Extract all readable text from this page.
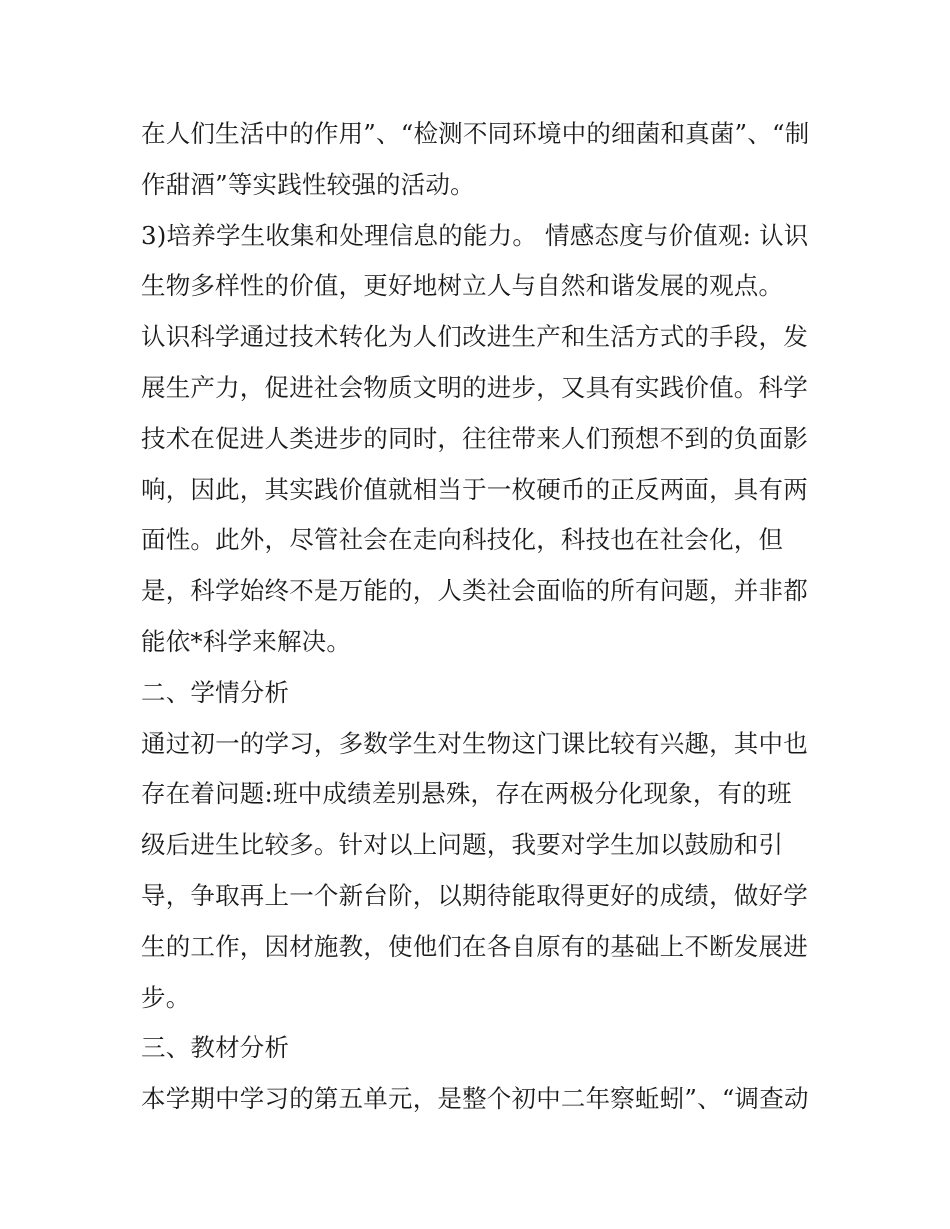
在人们生活中的作用”、“检测不同环境中的细菌和真菌”、“制
作甜酒”等实践性较强的活动。
3)培养学生收集和处理信息的能力。 情感态度与价值观: 认识
生物多样性的价值，更好地树立人与自然和谐发展的观点。
认识科学通过技术转化为人们改进生产和生活方式的手段，发
展生产力，促进社会物质文明的进步，又具有实践价值。科学
技术在促进人类进步的同时，往往带来人们预想不到的负面影
响，因此，其实践价值就相当于一枚硬币的正反两面，具有两
面性。此外，尽管社会在走向科技化，科技也在社会化，但
是，科学始终不是万能的，人类社会面临的所有问题，并非都
能依*科学来解决。
二、学情分析
通过初一的学习，多数学生对生物这门课比较有兴趣，其中也
存在着问题:班中成绩差别悬殊，存在两极分化现象，有的班
级后进生比较多。针对以上问题，我要对学生加以鼓励和引
导，争取再上一个新台阶，以期待能取得更好的成绩，做好学
生的工作，因材施教，使他们在各自原有的基础上不断发展进
步。
三、教材分析
本学期中学习的第五单元，是整个初中二年察蚯蚓”、“调查动
